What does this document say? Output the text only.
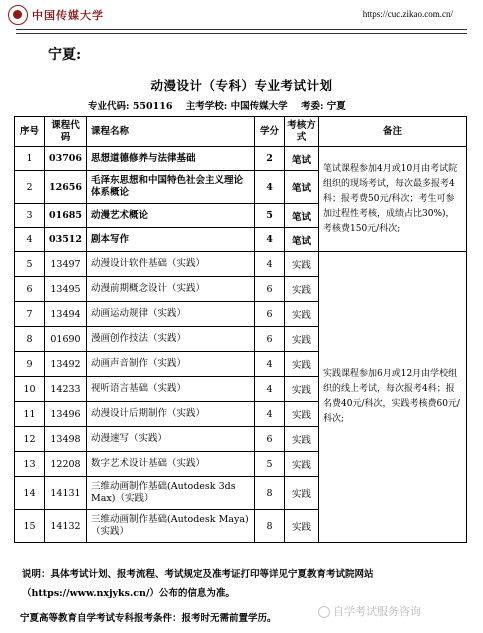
中国传媒大学	https://cuc.zikao.com.cn/
宁夏:
动漫设计（专科）专业考试计划
专业代码: 550116 主考学校: 中国传媒大学 考委: 宁夏
序号	课程代码	课程名称	学分	考核方式	备注
1	03706	思想道德修养与法律基础	2	笔试	笔试课程参加4月或10月由考试院组织的现场考试，每次最多报考4科；报考费50元/科次；考生可参加过程性考核，成绩占比30%)，考核费150元/科次;
2	12656	毛泽东思想和中国特色社会主义理论体系概论	4	笔试	
3	01685	动漫艺术概论	5	笔试	
4	03512	剧本写作	4	笔试	
5	13497	动漫设计软件基础（实践）	4	实践	实践课程参加6月或12月由学校组织的线上考试，每次报考4科；报名费40元/科次，实践考核费60元/科次;
6	13495	动漫前期概念设计（实践）	6	实践	
7	13494	动画运动规律（实践）	6	实践	
8	01690	漫画创作技法（实践）	6	实践	
9	13492	动画声音制作（实践）	4	实践	
10	14233	视听语言基础（实践）	4	实践	
11	13496	动漫设计后期制作（实践）	4	实践	
12	13498	动漫速写（实践）	6	实践	
13	12208	数字艺术设计基础（实践）	5	实践	
14	14131	三维动画制作基础(Autodesk 3ds Max)（实践）	8	实践	
15	14132	三维动画制作基础(Autodesk Maya)（实践）	8	实践	
说明：具体考试计划、报考流程、考试规定及准考证打印等详见宁夏教育考试院网站（https://www.nxjyks.cn/）公布的信息为准。
自学考试服务咨询
宁夏高等教育自学考试专科报考条件：报考时无需前置学历。
